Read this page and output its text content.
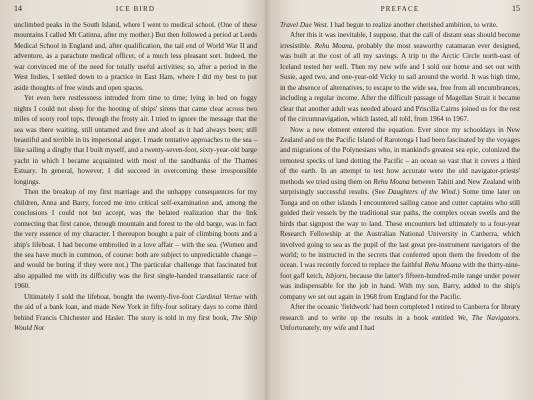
14	ICE BIRD

unclimbed peaks in the South Island, where I went to medical school. (One of these mountains I called Mt Catinna, after my mother.) But then followed a period at Leeds Medical School in England and, after qualification, the tail end of World War II and adventure, as a parachute medical officer, of a much less pleasant sort. Indeed, the war convinced me of the need for totally useful activities; so, after a period in the West Indies, I settled down to a practice in East Ham, where I did my best to put aside thoughts of free winds and open spaces.

Yet even here restlessness intruded from time to time; lying in bed on foggy nights I could not sleep for the hooting of ships' sirens that came clear across two miles of sooty roof tops, through the frosty air. I tried to ignore the message that the sea was there waiting, still untamed and free and aloof as it had always been; still beautiful and terrible in its impersonal anger. I made tentative approaches to the sea – like sailing a dinghy that I built myself, and a twenty-seven-foot, sixty-year-old barge yacht in which I became acquainted with most of the sandbanks of the Thames Estuary. In general, however, I did succeed in overcoming these irresponsible longings.

Then the breakup of my first marriage and the unhappy consequences for my children, Anna and Barry, forced me into critical self-examination and, among the conclusions I could not but accept, was the belated realization that the link connecting that first canoe, through mountain and forest to the old barge, was in fact the very essence of my character. I thereupon bought a pair of climbing boots and a ship's lifeboat. I had become embroiled in a love affair – with the sea. (Women and the sea have much in common, of course: both are subject to unpredictable change – and would be boring if they were not.) The particular challenge that fascinated but also appalled me with its difficulty was the first single-handed transatlantic race of 1960.

Ultimately I sold the lifeboat, bought the twenty-five-foot Cardinal Vertue with the aid of a bank loan, and made New York in fifty-four solitary days to come third behind Francis Chichester and Hasler. The story is told in my first book, The Ship Would Not

PREFACE	15

Travel Due West. I had begun to realize another cherished ambition, to write.

After this it was inevitable, I suppose, that the call of distant seas should become irresistible. Rehu Moana, probably the most seaworthy catamaran ever designed, was built at the cost of all my savings. A trip to the Arctic Circle north-east of Iceland tested her well. Then my new wife and I sold our home and set out with Susie, aged two, and one-year-old Vicky to sail around the world. It was high time, in the absence of alternatives, to escape to the wide sea, free from all encumbrances, including a regular income. After the difficult passage of Magellan Strait it became clear that another adult was needed aboard and Priscilla Cairns joined us for the rest of the circumnavigation, which lasted, all told, from 1964 to 1967.

Now a new element entered the equation. Ever since my schooldays in New Zealand and on the Pacific Island of Rarotonga I had been fascinated by the voyages and migrations of the Polynesians who, in mankind's greatest sea epic, colonized the remotest specks of land dotting the Pacific – an ocean so vast that it covers a third of the earth. In an attempt to test how accurate were the old navigator-priests' methods we tried using them on Rehu Moana between Tahiti and New Zealand with surprisingly successful results. (See Daughters of the Wind.) Some time later on Tonga and on other islands I encountered sailing canoe and cutter captains who still guided their vessels by the traditional star paths, the complex ocean swells and the birds that signpost the way to land. These encounters led ultimately to a four-year Research Fellowship at the Australian National University in Canberra, which involved going to sea as the pupil of the last great pre-instrument navigators of the world; to be instructed in the secrets that conferred upon them the freedom of the ocean. I was recently forced to replace the faithful Rehu Moana with the thirty-nine-foot gaff ketch, Isbjorn, because the latter's fifteen-hundred-mile range under power was indispensable for the job in hand. With my son, Barry, added to the ship's company we set out again in 1968 from England for the Pacific.

After the oceanic 'fieldwork' had been completed I retired to Canberra for library research and to write up the results in a book entitled We, The Navigators. Unfortunately, my wife and I had
